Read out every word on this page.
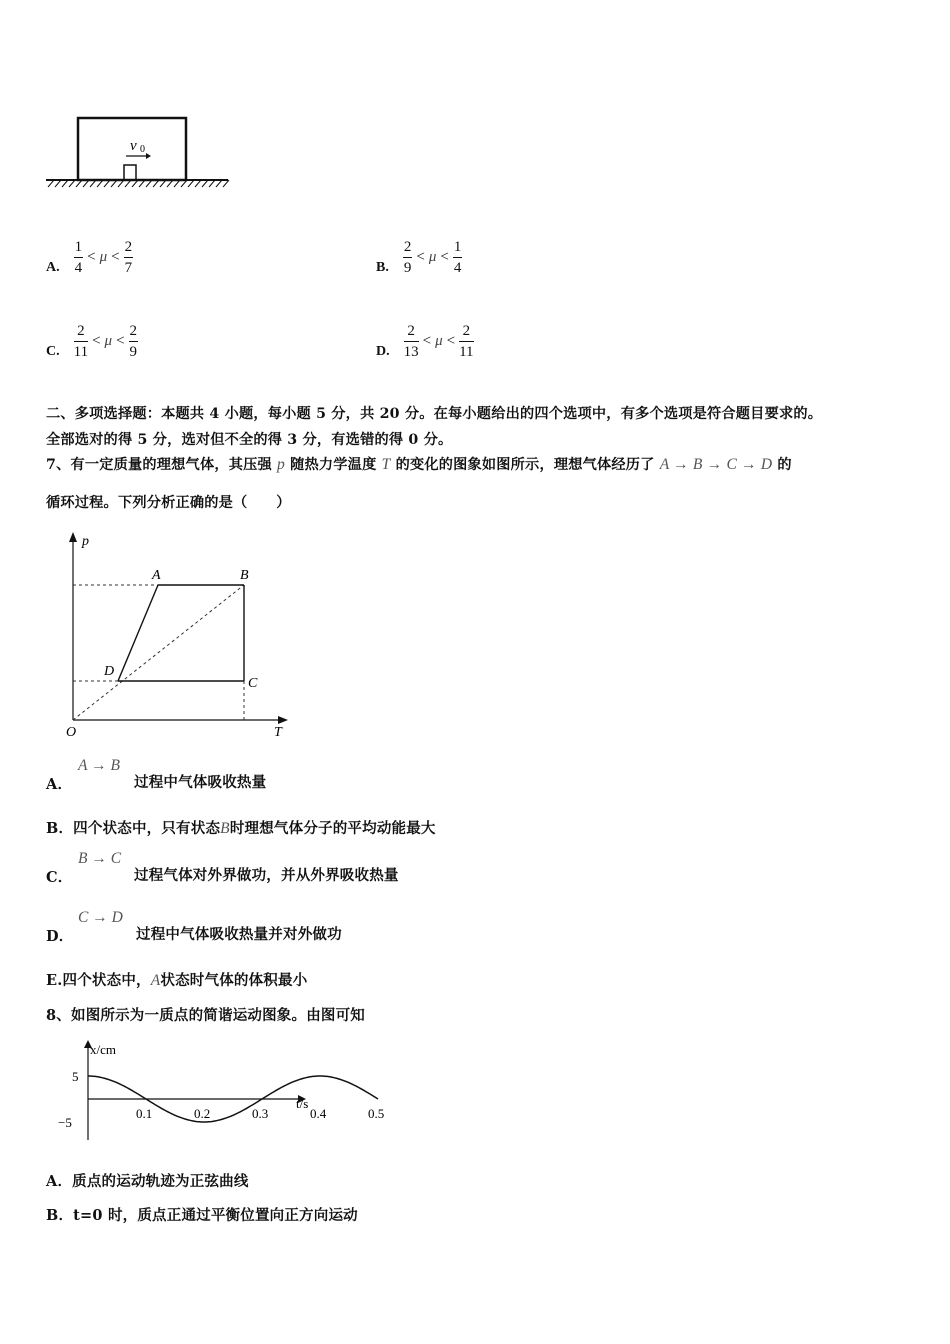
v 0
A. $\frac{1}{4} < \mu < \frac{2}{7}$	B. $\frac{2}{9} < \mu < \frac{1}{4}$
C. $\frac{2}{11} < \mu < \frac{2}{9}$	D. $\frac{2}{13} < \mu < \frac{2}{11}$
二、多项选择题：本题共 4 小题，每小题 5 分，共 20 分。在每小题给出的四个选项中，有多个选项是符合题目要求的。
全部选对的得 5 分，选对但不全的得 3 分，有选错的得 0 分。
7、有一定质量的理想气体，其压强 p 随热力学温度 T 的变化的图象如图所示，理想气体经历了 A → B → C → D 的
循环过程。下列分析正确的是（　　）
p
T
O
A	B
C
D
A．
A → B
过程中气体吸收热量
B．四个状态中，只有状态B时理想气体分子的平均动能最大
C．
B → C
过程气体对外界做功，并从外界吸收热量
D．
C → D
过程中气体吸收热量并对外做功
E.四个状态中，A状态时气体的体积最小
8、如图所示为一质点的简谐运动图象。由图可知
x/cm
t/s
0.1	0.2	0.3	0.4	0.5
5
−5
A．质点的运动轨迹为正弦曲线
B．t=0 时，质点正通过平衡位置向正方向运动
